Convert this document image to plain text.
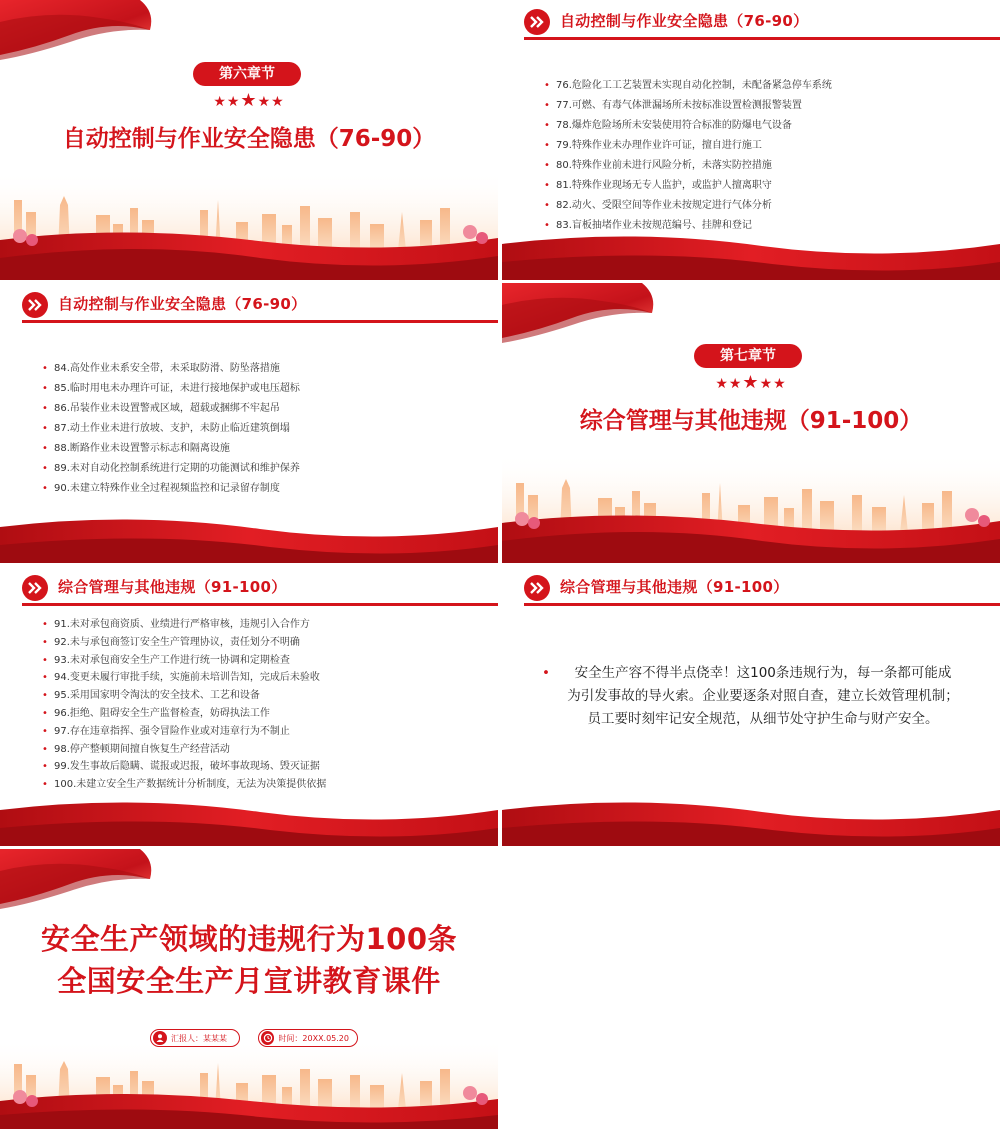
第六章节
★★★★★
自动控制与作业安全隐患（76-90）
自动控制与作业安全隐患（76-90）
• 76.危险化工工艺装置未实现自动化控制，未配备紧急停车系统
• 77.可燃、有毒气体泄漏场所未按标准设置检测报警装置
• 78.爆炸危险场所未安装使用符合标准的防爆电气设备
• 79.特殊作业未办理作业许可证，擅自进行施工
• 80.特殊作业前未进行风险分析，未落实防控措施
• 81.特殊作业现场无专人监护，或监护人擅离职守
• 82.动火、受限空间等作业未按规定进行气体分析
• 83.盲板抽堵作业未按规范编号、挂牌和登记
自动控制与作业安全隐患（76-90）
• 84.高处作业未系安全带，未采取防滑、防坠落措施
• 85.临时用电未办理许可证，未进行接地保护或电压超标
• 86.吊装作业未设置警戒区域，超载或捆绑不牢起吊
• 87.动土作业未进行放坡、支护，未防止临近建筑倒塌
• 88.断路作业未设置警示标志和隔离设施
• 89.未对自动化控制系统进行定期的功能测试和维护保养
• 90.未建立特殊作业全过程视频监控和记录留存制度
第七章节
★★★★★
综合管理与其他违规（91-100）
综合管理与其他违规（91-100）
• 91.未对承包商资质、业绩进行严格审核，违规引入合作方
• 92.未与承包商签订安全生产管理协议，责任划分不明确
• 93.未对承包商安全生产工作进行统一协调和定期检查
• 94.变更未履行审批手续，实施前未培训告知，完成后未验收
• 95.采用国家明令淘汰的安全技术、工艺和设备
• 96.拒绝、阻碍安全生产监督检查，妨碍执法工作
• 97.存在违章指挥、强令冒险作业或对违章行为不制止
• 98.停产整顿期间擅自恢复生产经营活动
• 99.发生事故后隐瞒、谎报或迟报，破坏事故现场、毁灭证据
• 100.未建立安全生产数据统计分析制度，无法为决策提供依据
综合管理与其他违规（91-100）
•	安全生产容不得半点侥幸！这100条违规行为，每一条都可能成
为引发事故的导火索。企业要逐条对照自查，建立长效管理机制；
员工要时刻牢记安全规范，从细节处守护生命与财产安全。
安全生产领域的违规行为100条
全国安全生产月宣讲教育课件
汇报人：某某某	时间：20XX.05.20
